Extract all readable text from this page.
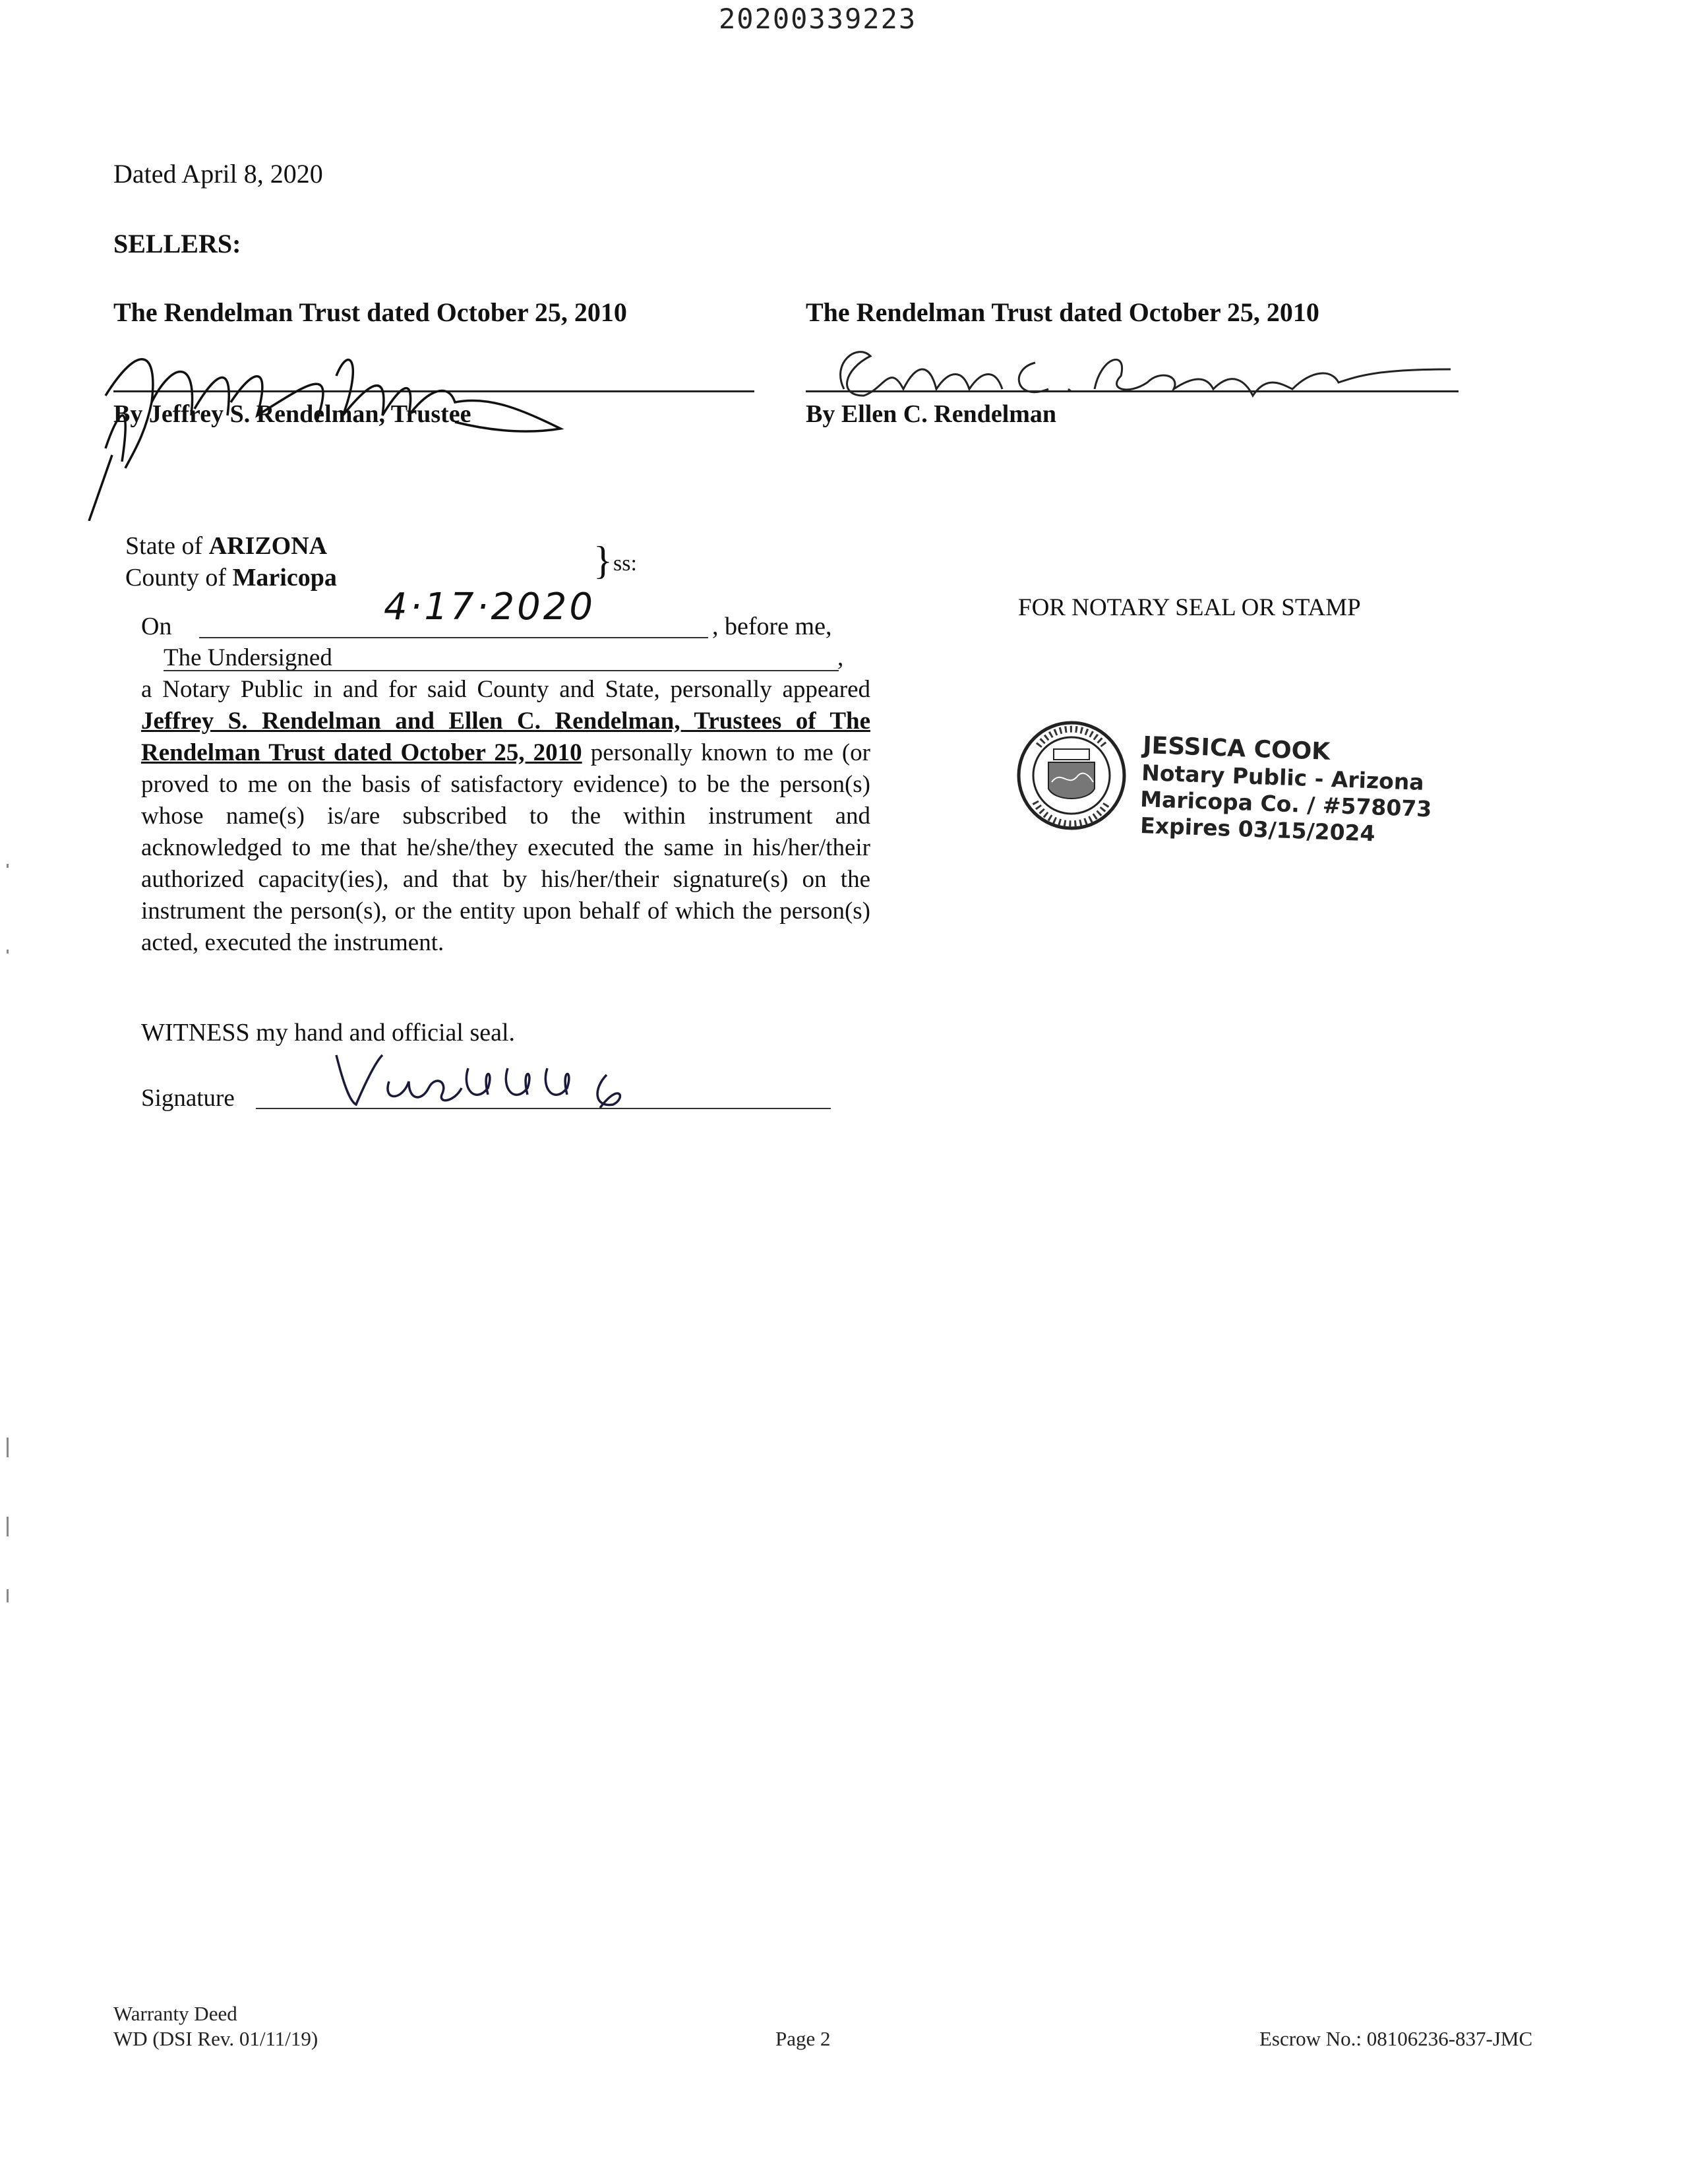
20200339223
Dated April 8, 2020
SELLERS:
The Rendelman Trust dated October 25, 2010
By Jeffrey S. Rendelman, Trustee
The Rendelman Trust dated October 25, 2010
By Ellen C. Rendelman
State of ARIZONA
County of Maricopa	} ss:
On	4·17·2020	, before me,
The Undersigned	,
a Notary Public in and for said County and State, personally appeared Jeffrey S. Rendelman and Ellen C. Rendelman, Trustees of The Rendelman Trust dated October 25, 2010 personally known to me (or proved to me on the basis of satisfactory evidence) to be the person(s) whose name(s) is/are subscribed to the within instrument and acknowledged to me that he/she/they executed the same in his/her/their authorized capacity(ies), and that by his/her/their signature(s) on the instrument the person(s), or the entity upon behalf of which the person(s) acted, executed the instrument.
WITNESS my hand and official seal.
Signature
FOR NOTARY SEAL OR STAMP
JESSICA COOK
Notary Public - Arizona
Maricopa Co. / #578073
Expires 03/15/2024
Warranty Deed
WD (DSI Rev. 01/11/19)	Page 2	Escrow No.: 08106236-837-JMC
